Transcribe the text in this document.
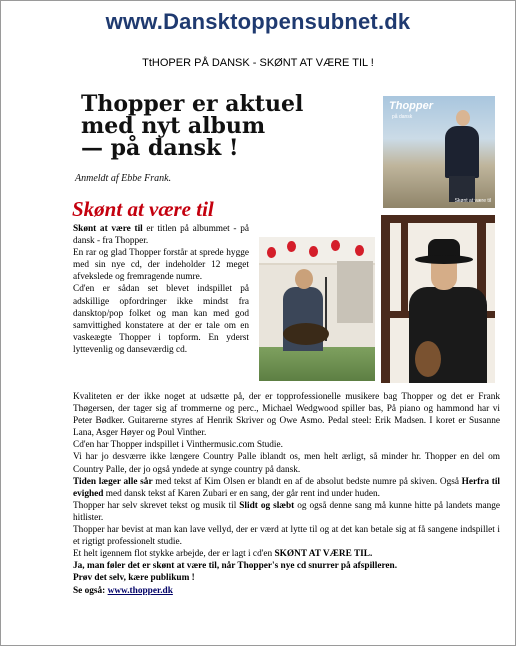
www.Dansktoppensubnet.dk
TtHOPER PÅ DANSK - SKØNT AT VÆRE TIL !
Thopper er aktuel
med nyt album
— på dansk !
Thopper
på dansk
Skønt at være til
Anmeldt af Ebbe Frank.
Skønt at være til

Skønt at være til er titlen på albummet - på dansk - fra Thopper.

En rar og glad Thopper forstår at sprede hygge med sin nye cd, der indeholder 12 meget afvekslede og fremragende numre.

Cd'en er sådan set blevet indspillet på adskillige opfordringer ikke mindst fra dansktop/pop folket og man kan med god samvittighed konstatere at der er tale om en vaskeægte Thopper i topform. En yderst lyttevenlig og danseværdig cd.

Kvaliteten er der ikke noget at udsætte på, der er topprofessionelle musikere bag Thopper og det er Frank Thøgersen, der tager sig af trommerne og perc., Michael Wedgwood spiller bas, På piano og hammond har vi Peter Bødker. Guitarerne styres af Henrik Skriver og Owe Asmo. Pedal steel: Erik Madsen. I koret er Susanne Lana, Asger Høyer og Poul Vinther.

Cd'en har Thopper indspillet i Vinthermusic.com Studie.

Vi har jo desværre ikke længere Country Palle iblandt os, men helt ærligt, så minder hr. Thopper en del om Country Palle, der jo også yndede at synge country på dansk.

Tiden læger alle sår med tekst af Kim Olsen er blandt en af de absolut bedste numre på skiven. Også Herfra til evighed med dansk tekst af Karen Zubari er en sang, der går rent ind under huden.

Thopper har selv skrevet tekst og musik til Slidt og slæbt og også denne sang må kunne hitte på landets mange hitlister.

Thopper har bevist at man kan lave vellyd, der er værd at lytte til og at det kan betale sig at få sangene indspillet i et rigtigt professionelt studie.

Et helt igennem flot stykke arbejde, der er lagt i cd'en SKØNT AT VÆRE TIL.

Ja, man føler det er skønt at være til, når Thopper's nye cd snurrer på afspilleren.

Prøv det selv, kære publikum !

Se også: www.thopper.dk
